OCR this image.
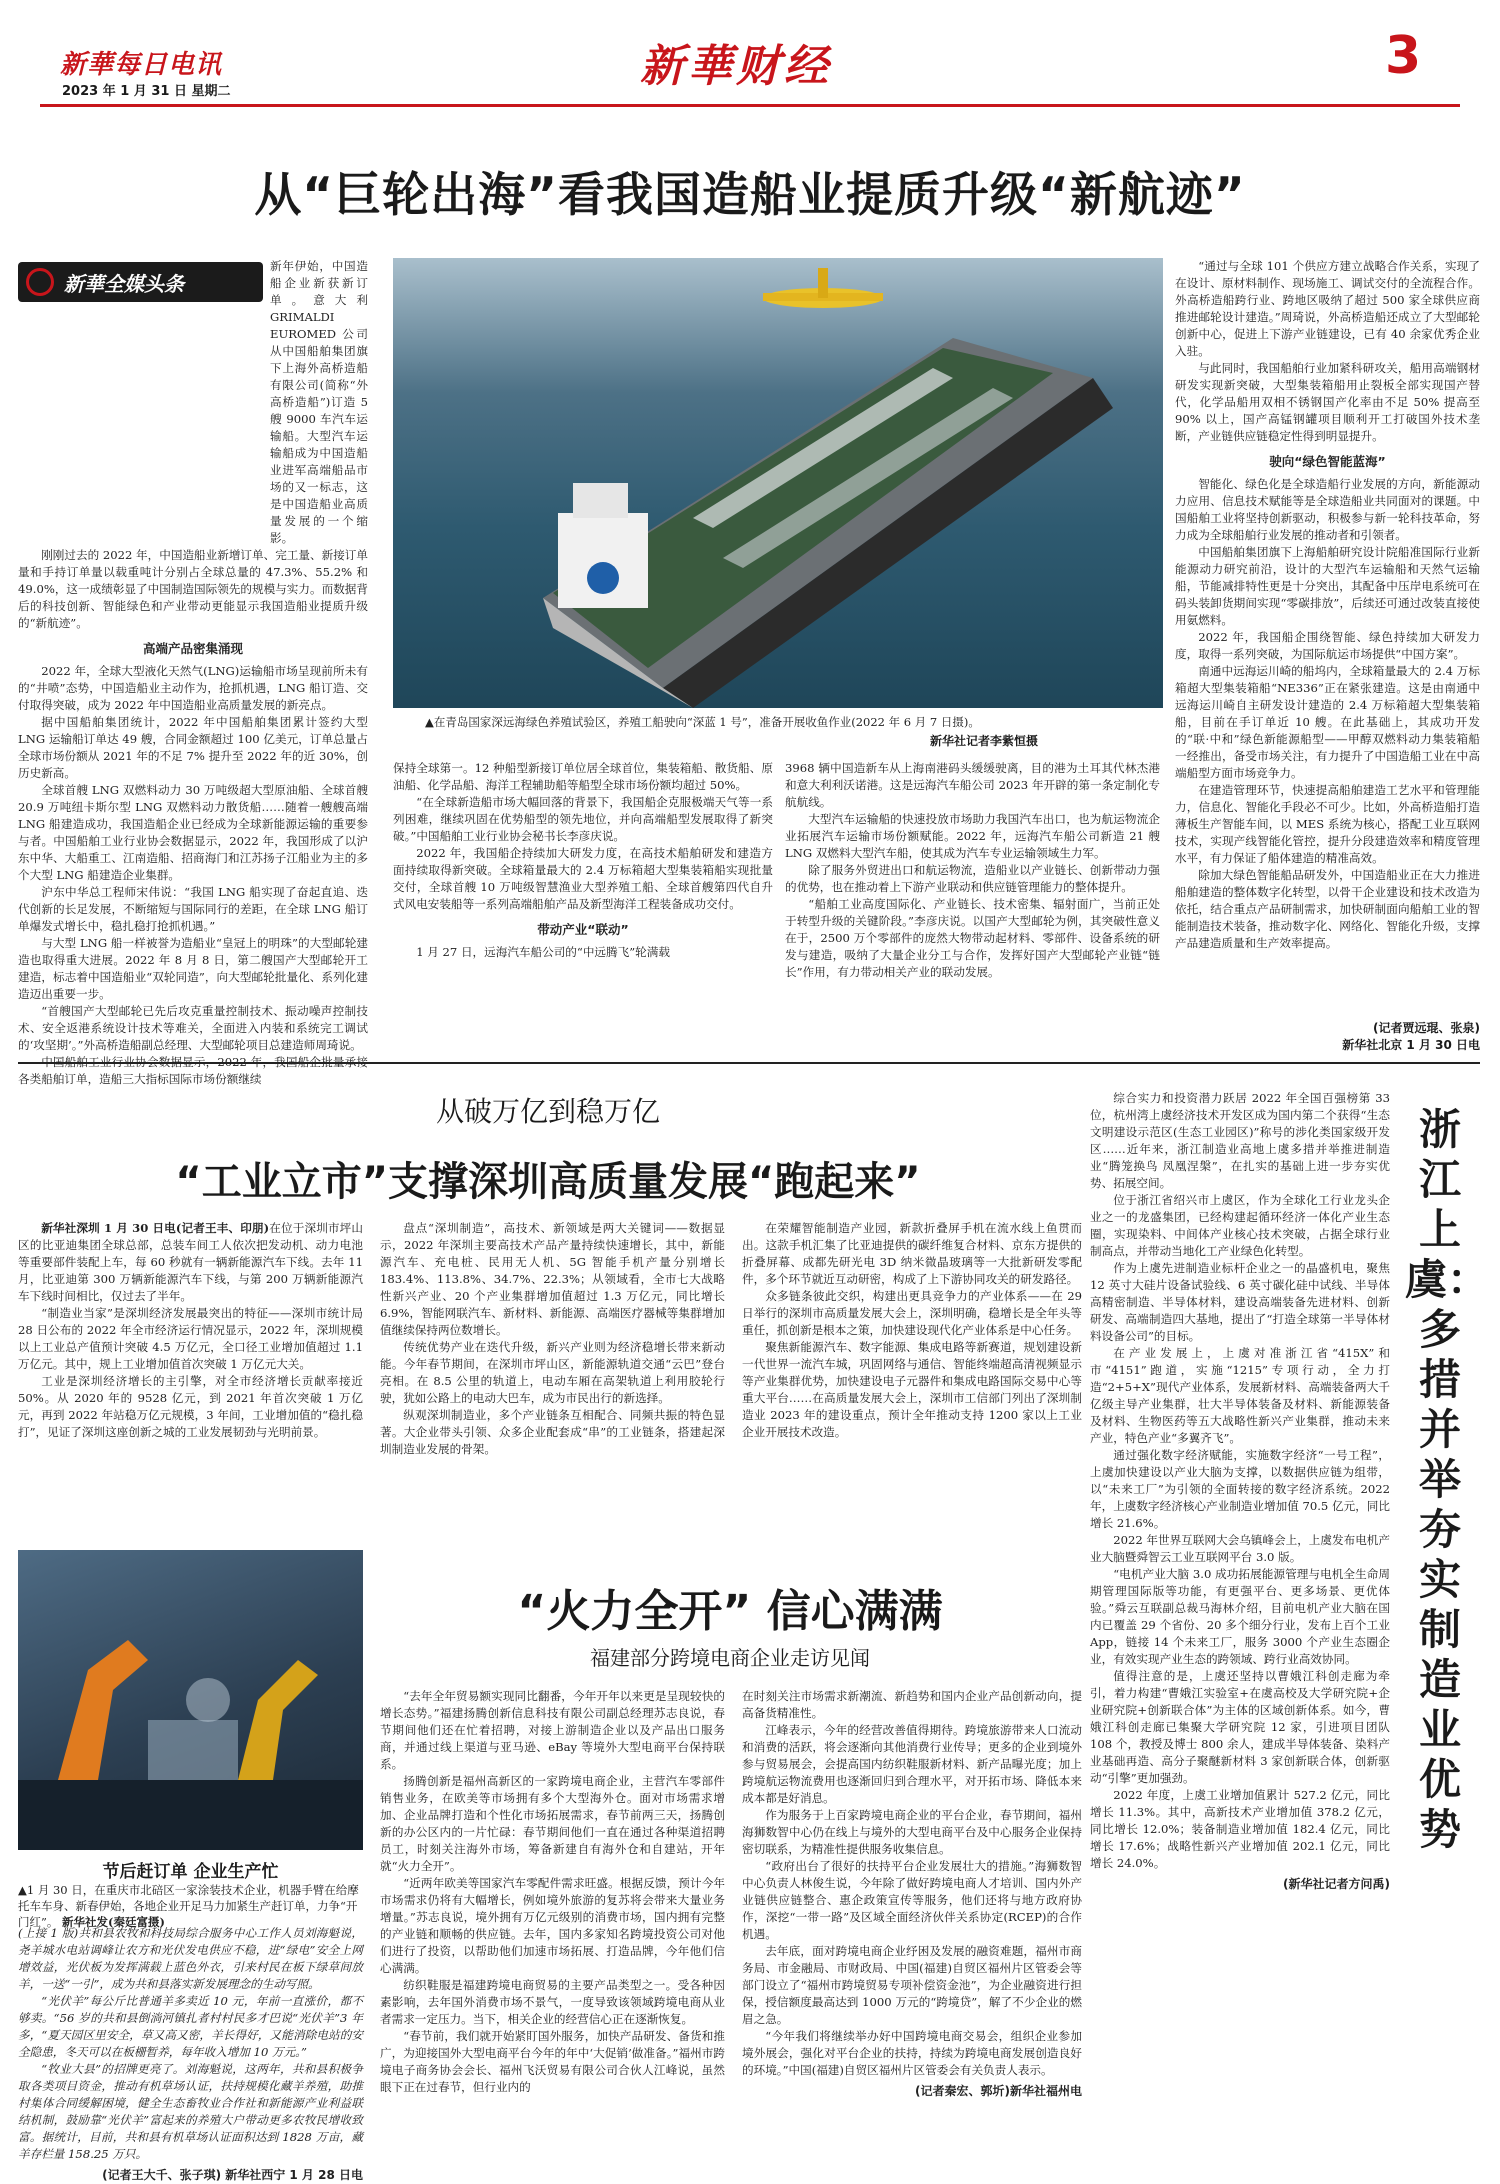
新華每日电讯
2023 年 1 月 31 日 星期二	新華财经	3
从“巨轮出海”看我国造船业提质升级“新航迹”
新華全媒头条

新年伊始，中国造船企业新获新订单。意大利 GRIMALDI EUROMED 公司从中国船舶集团旗下上海外高桥造船有限公司(简称“外高桥造船”)订造 5 艘 9000 车汽车运输船。大型汽车运输船成为中国造船业进军高端船品市场的又一标志，这是中国造船业高质量发展的一个缩影。

刚刚过去的 2022 年，中国造船业新增订单、完工量、新接订单量和手持订单量以载重吨计分别占全球总量的 47.3%、55.2% 和 49.0%，这一成绩彰显了中国制造国际领先的规模与实力。而数据背后的科技创新、智能绿色和产业带动更能显示我国造船业提质升级的“新航迹”。

高端产品密集涌现

2022 年，全球大型液化天然气(LNG)运输船市场呈现前所未有的“井喷”态势，中国造船业主动作为，抢抓机遇，LNG 船订造、交付取得突破，成为 2022 年中国造船业高质量发展的新亮点。

据中国船舶集团统计，2022 年中国船舶集团累计签约大型 LNG 运输船订单达 49 艘，合同金额超过 100 亿美元，订单总量占全球市场份额从 2021 年的不足 7% 提升至 2022 年的近 30%，创历史新高。

全球首艘 LNG 双燃料动力 30 万吨级超大型原油船、全球首艘 20.9 万吨纽卡斯尔型 LNG 双燃料动力散货船……随着一艘艘高端 LNG 船建造成功，我国造船企业已经成为全球新能源运输的重要参与者。中国船舶工业行业协会数据显示，2022 年，我国形成了以沪东中华、大船重工、江南造船、招商海门和江苏扬子江船业为主的多个大型 LNG 船建造企业集群。

沪东中华总工程师宋伟说：“我国 LNG 船实现了奋起直追、迭代创新的长足发展，不断缩短与国际同行的差距，在全球 LNG 船订单爆发式增长中，稳扎稳打抢抓机遇。”

与大型 LNG 船一样被誉为造船业“皇冠上的明珠”的大型邮轮建造也取得重大进展。2022 年 8 月 8 日，第二艘国产大型邮轮开工建造，标志着中国造船业“双轮同造”，向大型邮轮批量化、系列化建造迈出重要一步。

“首艘国产大型邮轮已先后攻克重量控制技术、振动噪声控制技术、安全返港系统设计技术等难关，全面进入内装和系统完工调试的‘攻坚期’。”外高桥造船副总经理、大型邮轮项目总建造师周琦说。

各类船舶订单，造船三大指标国际市场份额继续

▲在青岛国家深远海绿色养殖试验区，养殖工船驶向“深蓝 1 号”，准备开展收鱼作业(2022 年 6 月 7 日摄)。
新华社记者李紫恒摄

保持全球第一。12 种船型新接订单位居全球首位，集装箱船、散货船、原油船、化学品船、海洋工程辅助船等船型全球市场份额均超过 50%。

“在全球新造船市场大幅回落的背景下，我国船企克服极端天气等一系列困难，继续巩固在优势船型的领先地位，并向高端船型发展取得了新突破。”中国船舶工业行业协会秘书长李彦庆说。

2022 年，我国船企持续加大研发力度，在高技术船舶研发和建造方面持续取得新突破。全球箱量最大的 2.4 万标箱超大型集装箱船实现批量交付，全球首艘 10 万吨级智慧渔业大型养殖工船、全球首艘第四代自升式风电安装船等一系列高端船舶产品及新型海洋工程装备成功交付。

带动产业“联动”

1 月 27 日，远海汽车船公司的“中远腾飞”轮满载

3968 辆中国造新车从上海南港码头缓缓驶离，目的港为土耳其代林杰港和意大利利沃诺港。这是远海汽车船公司 2023 年开辟的第一条定制化专航航线。

大型汽车运输船的快速投放市场助力我国汽车出口，也为航运物流企业拓展汽车运输市场份额赋能。2022 年，远海汽车船公司新造 21 艘 LNG 双燃料大型汽车船，使其成为汽车专业运输领域生力军。

除了服务外贸进出口和航运物流，造船业以产业链长、创新带动力强的优势，也在推动着上下游产业联动和供应链管理能力的整体提升。

“船舶工业高度国际化、产业链长、技术密集、辐射面广，当前正处于转型升级的关键阶段。”李彦庆说。以国产大型邮轮为例，其突破性意义在于，2500 万个零部件的庞然大物带动起材料、零部件、设备系统的研发与建造，吸纳了大量企业分工与合作，发挥好国产大型邮轮产业链“链长”作用，有力带动相关产业的联动发展。

“通过与全球 101 个供应方建立战略合作关系，实现了在设计、原材料制作、现场施工、调试交付的全流程合作。外高桥造船跨行业、跨地区吸纳了超过 500 家全球供应商推进邮轮设计建造。”周琦说，外高桥造船还成立了大型邮轮创新中心，促进上下游产业链建设，已有 40 余家优秀企业入驻。

与此同时，我国船舶行业加紧科研攻关，船用高端钢材研发实现新突破，大型集装箱船用止裂板全部实现国产替代，化学品船用双相不锈钢国产化率由不足 50% 提高至 90% 以上，国产高锰钢罐项目顺利开工打破国外技术垄断，产业链供应链稳定性得到明显提升。

驶向“绿色智能蓝海”

智能化、绿色化是全球造船行业发展的方向，新能源动力应用、信息技术赋能等是全球造船业共同面对的课题。中国船舶工业将坚持创新驱动，积极参与新一轮科技革命，努力成为全球船舶行业发展的推动者和引领者。

中国船舶集团旗下上海船舶研究设计院船准国际行业新能源动力研究前沿，设计的大型汽车运输船和天然气运输船，节能减排特性更是十分突出，其配备中压岸电系统可在码头装卸货期间实现“零碳排放”，后续还可通过改装直接使用氨燃料。

2022 年，我国船企围绕智能、绿色持续加大研发力度，取得一系列突破，为国际航运市场提供“中国方案”。

南通中远海运川崎的船坞内，全球箱量最大的 2.4 万标箱超大型集装箱船“NE336”正在紧张建造。这是由南通中远海运川崎自主研发设计建造的 2.4 万标箱超大型集装箱船，目前在手订单近 10 艘。在此基础上，其成功开发的“联·中和”绿色新能源船型——甲醇双燃料动力集装箱船一经推出，备受市场关注，有力提升了中国造船工业在中高端船型方面市场竞争力。

在建造管理环节，快速提高船舶建造工艺水平和管理能力，信息化、智能化手段必不可少。比如，外高桥造船打造薄板生产智能车间，以 MES 系统为核心，搭配工业互联网技术，实现产线智能化管控，提升分段建造效率和精度管理水平，有力保证了船体建造的精准高效。

除加大绿色智能船品研发外，中国造船业正在大力推进船舶建造的整体数字化转型，以骨干企业建设和技术改造为依托，结合重点产品研制需求，加快研制面向船舶工业的智能制造技术装备，推动数字化、网络化、智能化升级，支撑产品建造质量和生产效率提高。

(记者贾远琨、张泉)
新华社北京 1 月 30 日电
从破万亿到稳万亿
“工业立市”支撑深圳高质量发展“跑起来”

新华社深圳 1 月 30 日电(记者王丰、印朋)在位于深圳市坪山区的比亚迪集团全球总部，总装车间工人依次把发动机、动力电池等重要部件装配上车，每 60 秒就有一辆新能源汽车下线。去年 11 月，比亚迪第 300 万辆新能源汽车下线，与第 200 万辆新能源汽车下线时间相比，仅过去了半年。

“制造业当家”是深圳经济发展最突出的特征——深圳市统计局 28 日公布的 2022 年全市经济运行情况显示，2022 年，深圳规模以上工业总产值预计突破 4.5 万亿元，全口径工业增加值超过 1.1 万亿元。其中，规上工业增加值首次突破 1 万亿元大关。

工业是深圳经济增长的主引擎，对全市经济增长贡献率接近 50%。从 2020 年的 9528 亿元，到 2021 年首次突破 1 万亿元，再到 2022 年站稳万亿元规模，3 年间，工业增加值的“稳扎稳打”，见证了深圳这座创新之城的工业发展韧劲与光明前景。

盘点“深圳制造”，高技术、新领域是两大关键词——数据显示，2022 年深圳主要高技术产品产量持续快速增长，其中，新能源汽车、充电桩、民用无人机、5G 智能手机产量分别增长 183.4%、113.8%、34.7%、22.3%；从领域看，全市七大战略性新兴产业、20 个产业集群增加值超过 1.3 万亿元，同比增长 6.9%，智能网联汽车、新材料、新能源、高端医疗器械等集群增加值继续保持两位数增长。

传统优势产业在迭代升级，新兴产业则为经济稳增长带来新动能。今年春节期间，在深圳市坪山区，新能源轨道交通“云巴”登台亮相。在 8.5 公里的轨道上，电动车厢在高架轨道上利用胶轮行驶，犹如公路上的电动大巴车，成为市民出行的新选择。

纵观深圳制造业，多个产业链条互相配合、同频共振的特色显著。大企业带头引领、众多企业配套成“串”的工业链条，搭建起深圳制造业发展的骨架。

在荣耀智能制造产业园，新款折叠屏手机在流水线上鱼贯而出。这款手机汇集了比亚迪提供的碳纤维复合材料、京东方提供的折叠屏幕、成都先研光电 3D 纳米微晶玻璃等一大批新研发零配件，多个环节就近互动研密，构成了上下游协同攻关的研发路径。

众多链条彼此交织，构建出更具竞争力的产业体系——在 29 日举行的深圳市高质量发展大会上，深圳明确，稳增长是全年头等重任，抓创新是根本之策，加快建设现代化产业体系是中心任务。

聚焦新能源汽车、数字能源、集成电路等新赛道，规划建设新一代世界一流汽车城，巩固网络与通信、智能终端超高清视频显示等产业集群优势，加快建设电子元器件和集成电路国际交易中心等重大平台……在高质量发展大会上，深圳市工信部门列出了深圳制造业 2023 年的建设重点，预计全年推动支持 1200 家以上工业企业开展技术改造。

节后赶订单 企业生产忙
▲1 月 30 日，在重庆市北碚区一家涂装技术企业，机器手臂在给摩托车车身、新春伊始，各地企业开足马力加紧生产赶订单，力争“开门红”。 新华社发(秦廷富摄)

综合实力和投资潜力跃居 2022 年全国百强榜第 33 位，杭州湾上虞经济技术开发区成为国内第二个获得“生态文明建设示范区(生态工业园区)”称号的涉化类国家级开发区……近年来，浙江制造业高地上虞多措并举推进制造业“腾笼换鸟 凤凰涅槃”，在扎实的基础上进一步夯实优势、拓展空间。

位于浙江省绍兴市上虞区，作为全球化工行业龙头企业之一的龙盛集团，已经构建起循环经济一体化产业生态圈，实现染料、中间体产业核心技术突破，占据全球行业制高点，并带动当地化工产业绿色化转型。

作为上虞先进制造业标杆企业之一的晶盛机电，聚焦 12 英寸大硅片设备试验线、6 英寸碳化硅中试线、半导体高精密制造、半导体材料，建设高端装备先进材料、创新研发、高端制造四大基地，提出了“打造全球第一半导体材料设备公司”的目标。

在产业发展上，上虞对准浙江省“415X”和市“4151”跑道，实施“1215”专项行动，全力打造“2+5+X”现代产业体系，发展新材料、高端装备两大千亿级主导产业集群，壮大半导体装备及材料、新能源装备及材料、生物医药等五大战略性新兴产业集群，推动未来产业，特色产业“多翼齐飞”。

通过强化数字经济赋能，实施数字经济“一号工程”，上虞加快建设以产业大脑为支撑，以数据供应链为组带，以“未来工厂”为引领的全面转接的数字经济系统。2022 年，上虞数字经济核心产业制造业增加值 70.5 亿元，同比增长 21.6%。

2022 年世界互联网大会乌镇峰会上，上虞发布电机产业大脑暨舜智云工业互联网平台 3.0 版。

“电机产业大脑 3.0 成功拓展能源管理与电机全生命周期管理国际版等功能，有更强平台、更多场景、更优体验。”舜云互联副总裁马海林介绍，目前电机产业大脑在国内已覆盖 29 个省份、20 多个细分行业，发布上百个工业 App，链接 14 个未来工厂，服务 3000 个产业生态圈企业，有效实现产业生态的跨领域、跨行业高效协同。

值得注意的是，上虞还坚持以曹娥江科创走廊为牵引，着力构建“曹娥江实验室+在虞高校及大学研究院+企业研究院+创新联合体”为主体的区域创新体系。如今，曹娥江科创走廊已集聚大学研究院 12 家，引进项目团队 108 个，教授及博士 800 余人，建成半导体装备、染料产业基础再造、高分子聚醚新材料 3 家创新联合体，创新驱动“引擎”更加强劲。

2022 年度，上虞工业增加值累计 527.2 亿元，同比增长 11.3%。其中，高新技术产业增加值 378.2 亿元，同比增长 12.0%；装备制造业增加值 182.4 亿元，同比增长 17.6%；战略性新兴产业增加值 202.1 亿元，同比增长 24.0%。

(新华社记者方问禹)
浙江上虞：多措并举夯实制造业优势
“火力全开” 信心满满
福建部分跨境电商企业走访见闻

“去年全年贸易额实现同比翻番，今年开年以来更是呈现较快的增长态势。”福建扬腾创新信息科技有限公司副总经理苏志良说，春节期间他们还在忙着招聘，对接上游制造企业以及产品出口服务商，并通过线上渠道与亚马逊、eBay 等境外大型电商平台保持联系。

扬腾创新是福州高新区的一家跨境电商企业，主营汽车零部件销售业务，在欧美等市场拥有多个大型海外仓。面对市场需求增加、企业品牌打造和个性化市场拓展需求，春节前两三天，扬腾创新的办公区内的一片忙碌：春节期间他们一直在通过各种渠道招聘员工，时刻关注海外市场，筹备新建自有海外仓和自建站，开年就“火力全开”。

“近两年欧美等国家汽车零配件需求旺盛。根据反馈，预计今年市场需求仍将有大幅增长，例如境外旅游的复苏将会带来大量业务增量。”苏志良说，境外拥有万亿元级别的消费市场，国内拥有完整的产业链和顺畅的供应链。去年，国内多家知名跨境投资公司对他们进行了投资，以帮助他们加速市场拓展、打造品牌，今年他们信心满满。

纺织鞋服是福建跨境电商贸易的主要产品类型之一。受各种因素影响，去年国外消费市场不景气，一度导致该领域跨境电商从业者需求一定压力。当下，相关企业的经营信心正在逐渐恢复。

“春节前，我们就开始紧盯国外服务，加快产品研发、备货和推广，为迎接国外大型电商平台今年的年中‘大促销’做准备。”福州市跨境电子商务协会会长、福州飞沃贸易有限公司合伙人江峰说，虽然眼下正在过春节，但行业内的

在时刻关注市场需求新潮流、新趋势和国内企业产品创新动向，提高备货精准性。

江峰表示，今年的经营改善值得期待。跨境旅游带来人口流动和消费的活跃，将会逐渐向其他消费行业传导；更多的企业到境外参与贸易展会，会提高国内纺织鞋服新材料、新产品曝光度；加上跨境航运物流费用也逐渐回归到合理水平，对开拓市场、降低本来成本都是好消息。

作为服务于上百家跨境电商企业的平台企业，春节期间，福州海狮数智中心仍在线上与境外的大型电商平台及中心服务企业保持密切联系，为精准性提供服务收集信息。

“政府出台了很好的扶持平台企业发展壮大的措施。”海狮数智中心负责人林俊生说，今年除了做好跨境电商人才培训、国内外产业链供应链整合、惠企政策宣传等服务，他们还将与地方政府协作，深挖“一带一路”及区域全面经济伙伴关系协定(RCEP)的合作机遇。

去年底，面对跨境电商企业纾困及发展的融资难题，福州市商务局、市金融局、市财政局、中国(福建)自贸区福州片区管委会等部门设立了“福州市跨境贸易专项补偿资金池”，为企业融资进行担保，授信额度最高达到 1000 万元的“跨境贷”，解了不少企业的燃眉之急。

“今年我们将继续举办好中国跨境电商交易会，组织企业参加境外展会，强化对平台企业的扶持，持续为跨境电商发展创造良好的环境。”中国(福建)自贸区福州片区管委会有关负责人表示。

(记者秦宏、郭圻)新华社福州电

(上接 1 版)共和县农牧和科技局综合服务中心工作人员刘海魁说，尧羊城水电站调峰让农方和光伏发电供应不稳，进“绿电”安全上网增效益，光伏板为发挥满载上蓝色外衣，引来村民在板下绿草间放羊，一送“一引”，成为共和县落实新发展理念的生动写照。

“光伏羊”每公斤比普通羊多卖近 10 元，年前一直涨价，都不够卖。“56 岁的共和县倒淌河镇扎者村村民多才巴说“光伏羊”3 年多，“夏天园区里安全，草又高又密，羊长得好，又能消除电站的安全隐患，冬天可以在板栅暂养，每年收入增加 10 万元。”

“牧业大县”的招牌更亮了。刘海魁说，这两年，共和县积极争取各类项目资金，推动有机草场认证，扶持规模化藏羊养殖，助推村集体合同缓解困境，健全生态畜牧业合作社和新能源产业利益联结机制，鼓励靠“光伏羊”富起来的养殖大户带动更多农牧民增收致富。据统计，目前，共和县有机草场认证面积达到 1828 万亩，藏羊存栏量 158.25 万只。

(记者王大千、张子琪) 新华社西宁 1 月 28 日电
